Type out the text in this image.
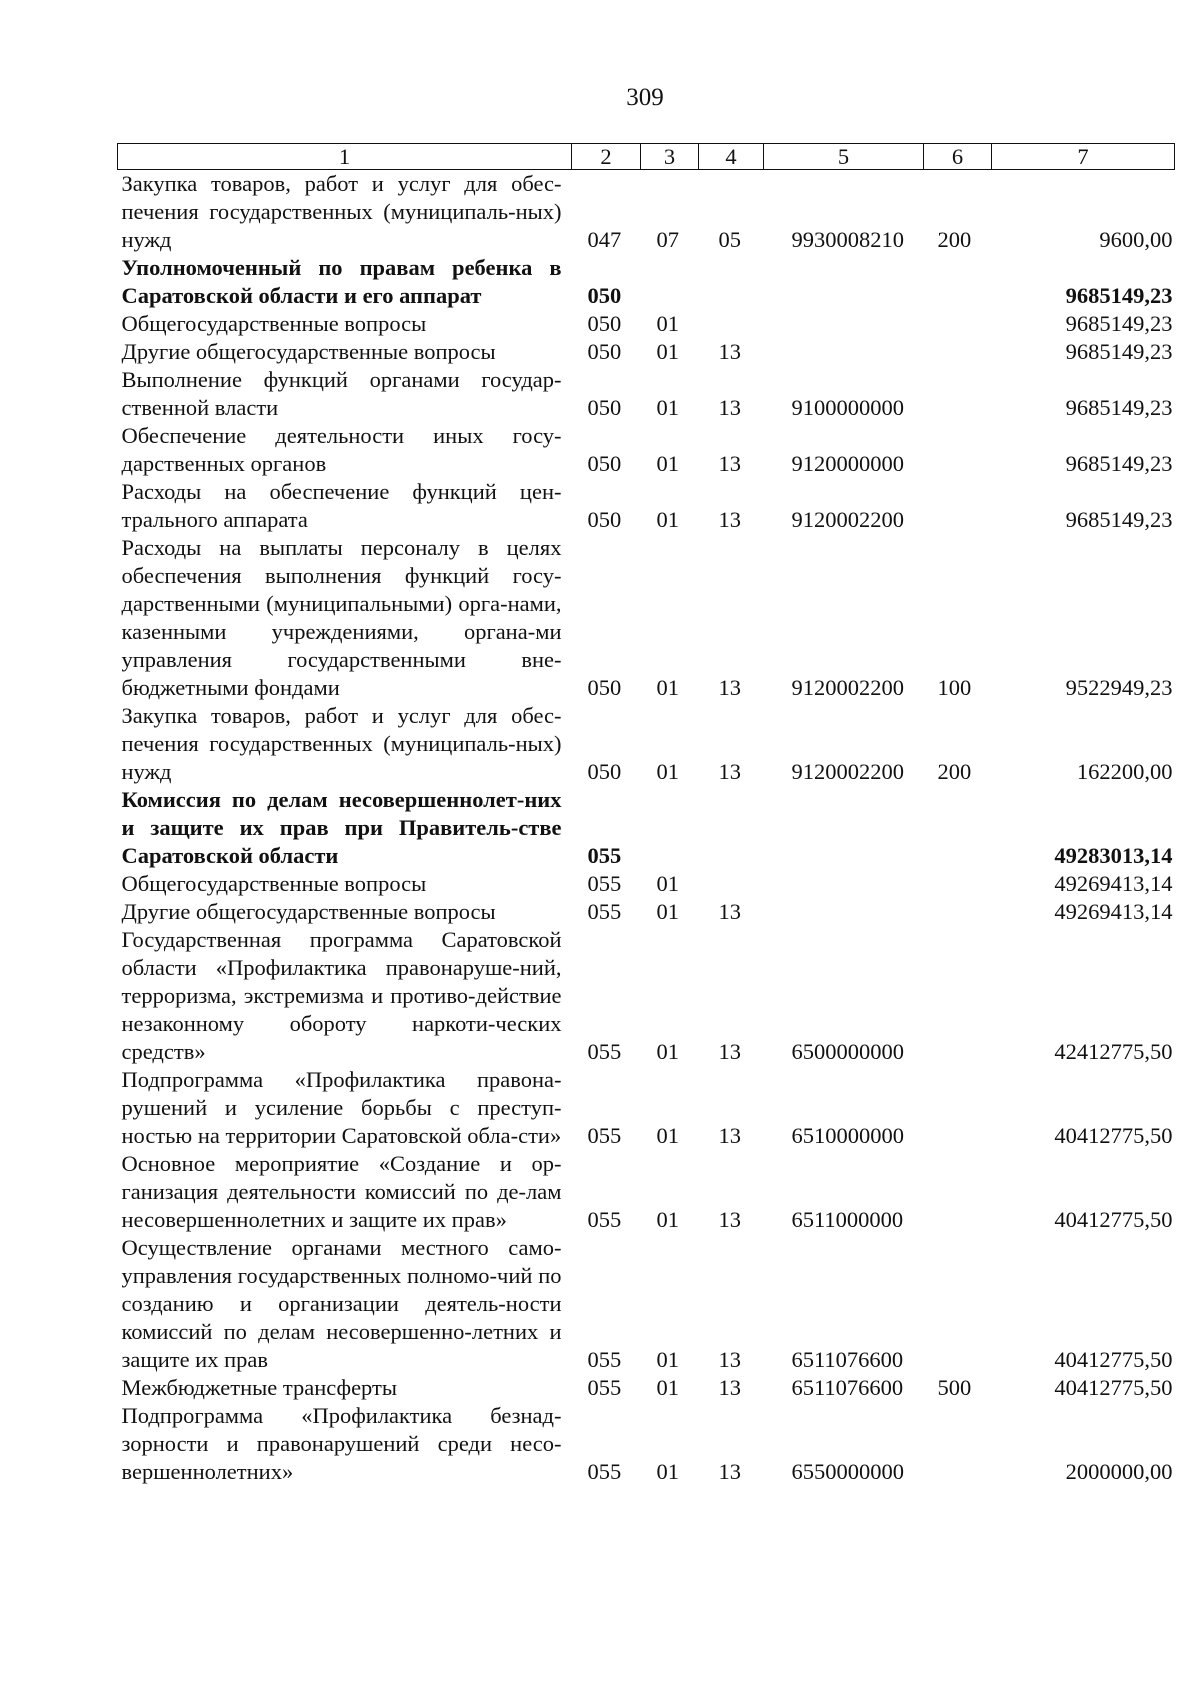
309
1	2	3	4	5	6	7
Закупка товаров, работ и услуг для обес-печения государственных (муниципаль-ных) нужд	047	07	05	9930008210	200	9600,00
Уполномоченный по правам ребенка в Саратовской области и его аппарат	050					9685149,23
Общегосударственные вопросы	050	01				9685149,23
Другие общегосударственные вопросы	050	01	13			9685149,23
Выполнение функций органами государ-ственной власти	050	01	13	9100000000		9685149,23
Обеспечение деятельности иных госу-дарственных органов	050	01	13	9120000000		9685149,23
Расходы на обеспечение функций цен-трального аппарата	050	01	13	9120002200		9685149,23
Расходы на выплаты персоналу в целях обеспечения выполнения функций госу-дарственными (муниципальными) орга-нами, казенными учреждениями, органа-ми управления государственными вне-бюджетными фондами	050	01	13	9120002200	100	9522949,23
Закупка товаров, работ и услуг для обес-печения государственных (муниципаль-ных) нужд	050	01	13	9120002200	200	162200,00
Комиссия по делам несовершеннолет-них и защите их прав при Правитель-стве Саратовской области	055					49283013,14
Общегосударственные вопросы	055	01				49269413,14
Другие общегосударственные вопросы	055	01	13			49269413,14
Государственная программа Саратовской области «Профилактика правонаруше-ний, терроризма, экстремизма и противо-действие незаконному обороту наркоти-ческих средств»	055	01	13	6500000000		42412775,50
Подпрограмма «Профилактика правона-рушений и усиление борьбы с преступ-ностью на территории Саратовской обла-сти»	055	01	13	6510000000		40412775,50
Основное мероприятие «Создание и ор-ганизация деятельности комиссий по де-лам несовершеннолетних и защите их прав»	055	01	13	6511000000		40412775,50
Осуществление органами местного само-управления государственных полномо-чий по созданию и организации деятель-ности комиссий по делам несовершенно-летних и защите их прав	055	01	13	6511076600		40412775,50
Межбюджетные трансферты	055	01	13	6511076600	500	40412775,50
Подпрограмма «Профилактика безнад-зорности и правонарушений среди несо-вершеннолетних»	055	01	13	6550000000		2000000,00
